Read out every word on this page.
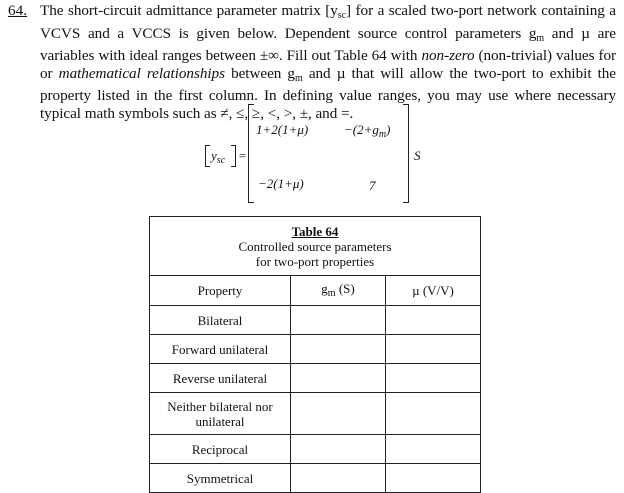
64. The short-circuit admittance parameter matrix $[y_{sc}]$ for a scaled two-port network containing a VCVS and a VCCS is given below. Dependent source control parameters $g_m$ and µ are variables with ideal ranges between ±∞. Fill out Table 64 with non-zero (non-trivial) values for or mathematical relationships between $g_m$ and µ that will allow the two-port to exhibit the property listed in the first column. In defining value ranges, you may use where necessary typical math symbols such as ≠, ≤, ≥, <, >, ±, and =.
$y_{sc}$ =
1+2(1+μ)	$-(2+g_m)$
−2(1+μ)	7
S
Table 64
Controlled source parameters
for two-port properties		

Property	$g_m$ (S)	µ (V/V)
Bilateral		
Forward unilateral		
Reverse unilateral		
Neither bilateral nor unilateral		
Reciprocal		
Symmetrical		
